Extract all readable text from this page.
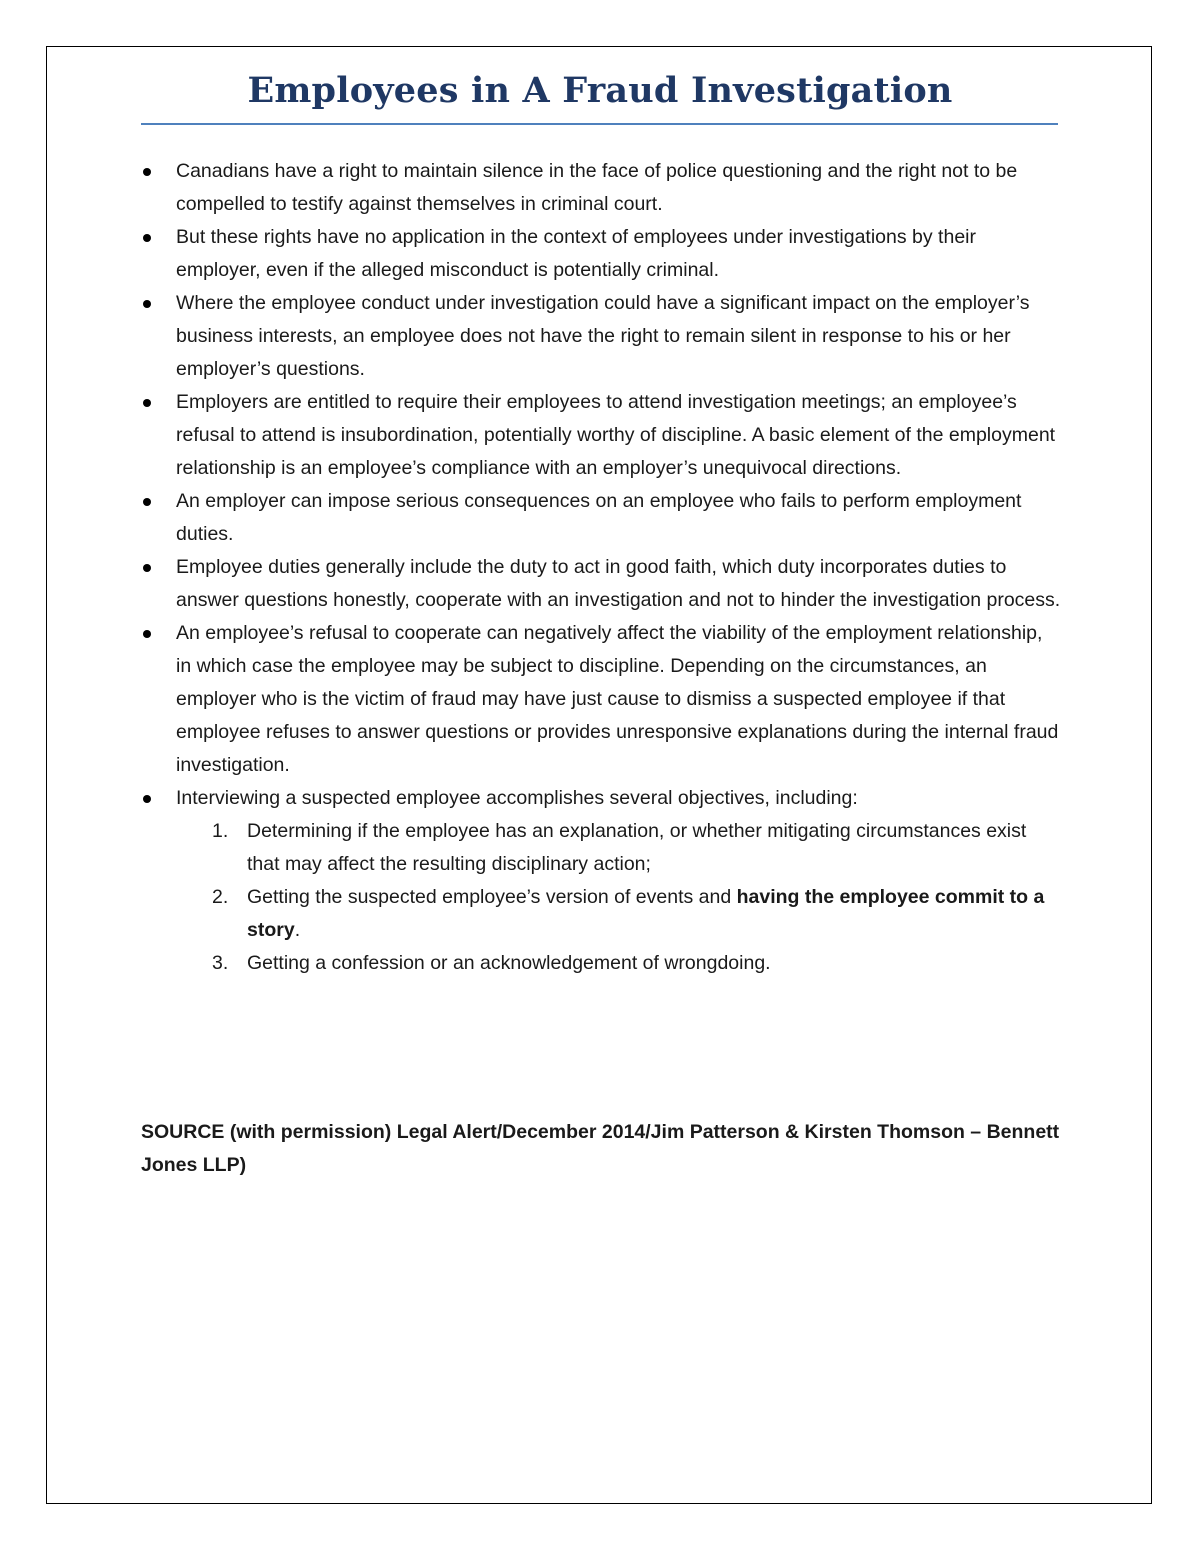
Employees in A Fraud Investigation
Canadians have a right to maintain silence in the face of police questioning and the right not to be compelled to testify against themselves in criminal court.
But these rights have no application in the context of employees under investigations by their employer, even if the alleged misconduct is potentially criminal.
Where the employee conduct under investigation could have a significant impact on the employer’s business interests, an employee does not have the right to remain silent in response to his or her employer’s questions.
Employers are entitled to require their employees to attend investigation meetings; an employee’s refusal to attend is insubordination, potentially worthy of discipline. A basic element of the employment relationship is an employee’s compliance with an employer’s unequivocal directions.
An employer can impose serious consequences on an employee who fails to perform employment duties.
Employee duties generally include the duty to act in good faith, which duty incorporates duties to answer questions honestly, cooperate with an investigation and not to hinder the investigation process.
An employee’s refusal to cooperate can negatively affect the viability of the employment relationship, in which case the employee may be subject to discipline. Depending on the circumstances, an employer who is the victim of fraud may have just cause to dismiss a suspected employee if that employee refuses to answer questions or provides unresponsive explanations during the internal fraud investigation.
Interviewing a suspected employee accomplishes several objectives, including:
1. Determining if the employee has an explanation, or whether mitigating circumstances exist that may affect the resulting disciplinary action;
2. Getting the suspected employee’s version of events and having the employee commit to a story.
3. Getting a confession or an acknowledgement of wrongdoing.

SOURCE (with permission) Legal Alert/December 2014/Jim Patterson & Kirsten Thomson – Bennett Jones LLP)
